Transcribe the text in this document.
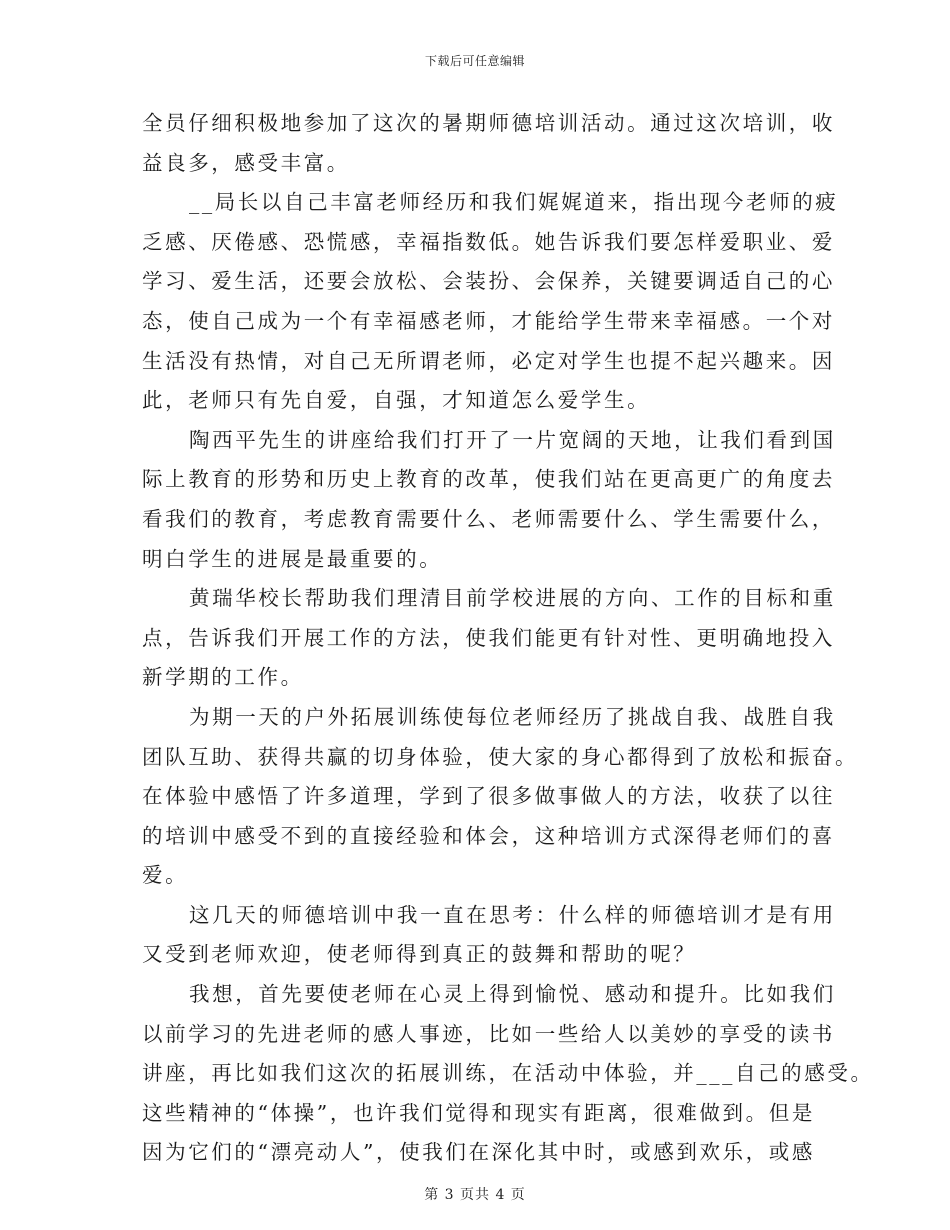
下载后可任意编辑
全员仔细积极地参加了这次的暑期师德培训活动。通过这次培训，收
益良多，感受丰富。
__局长以自己丰富老师经历和我们娓娓道来，指出现今老师的疲
乏感、厌倦感、恐慌感，幸福指数低。她告诉我们要怎样爱职业、爱
学习、爱生活，还要会放松、会装扮、会保养，关键要调适自己的心
态，使自己成为一个有幸福感老师，才能给学生带来幸福感。一个对
生活没有热情，对自己无所谓老师，必定对学生也提不起兴趣来。因
此，老师只有先自爱，自强，才知道怎么爱学生。
陶西平先生的讲座给我们打开了一片宽阔的天地，让我们看到国
际上教育的形势和历史上教育的改革，使我们站在更高更广的角度去
看我们的教育，考虑教育需要什么、老师需要什么、学生需要什么，
明白学生的进展是最重要的。
黄瑞华校长帮助我们理清目前学校进展的方向、工作的目标和重
点，告诉我们开展工作的方法，使我们能更有针对性、更明确地投入
新学期的工作。
为期一天的户外拓展训练使每位老师经历了挑战自我、战胜自我
团队互助、获得共赢的切身体验，使大家的身心都得到了放松和振奋。
在体验中感悟了许多道理，学到了很多做事做人的方法，收获了以往
的培训中感受不到的直接经验和体会，这种培训方式深得老师们的喜
爱。
这几天的师德培训中我一直在思考：什么样的师德培训才是有用
又受到老师欢迎，使老师得到真正的鼓舞和帮助的呢？
我想，首先要使老师在心灵上得到愉悦、感动和提升。比如我们
以前学习的先进老师的感人事迹，比如一些给人以美妙的享受的读书
讲座，再比如我们这次的拓展训练，在活动中体验，并___自己的感受。
这些精神的“体操”，也许我们觉得和现实有距离，很难做到。但是
因为它们的“漂亮动人”，使我们在深化其中时，或感到欢乐，或感
第 3 页共 4 页
